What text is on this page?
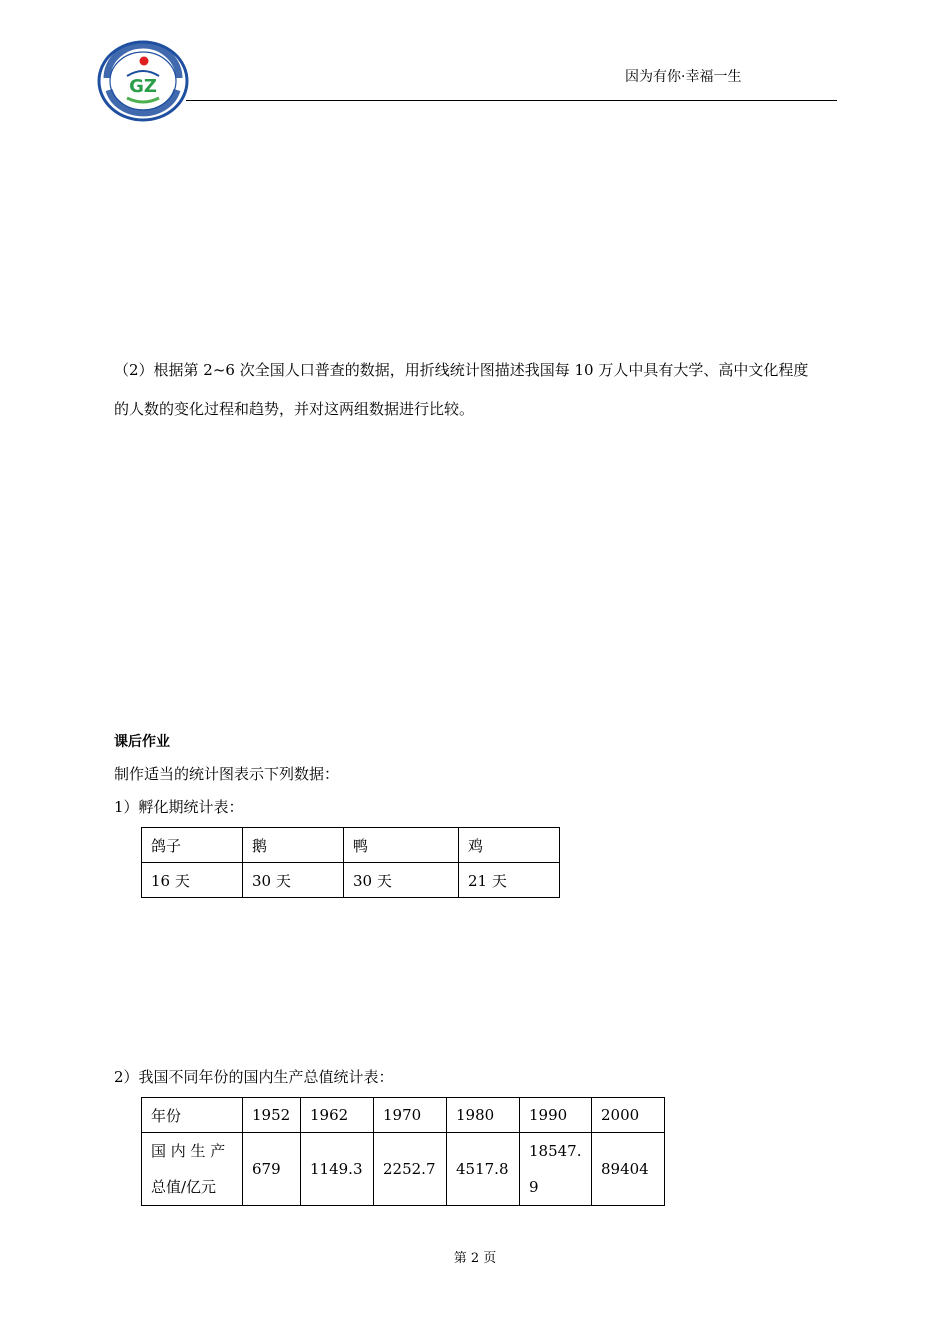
GZ	因为有你·幸福一生
（2）根据第 2~6 次全国人口普查的数据，用折线统计图描述我国每 10 万人中具有大学、高中文化程度
的人数的变化过程和趋势，并对这两组数据进行比较。
课后作业
制作适当的统计图表示下列数据：
1）孵化期统计表：
鸽子	鹅	鸭	鸡
16 天	30 天	30 天	21 天
2）我国不同年份的国内生产总值统计表：
年份	1952	1962	1970	1980	1990	2000

国 内 生 产
总值/亿元	679	1149.3	2252.7	4517.8	18547.9	89404
第 2 页
